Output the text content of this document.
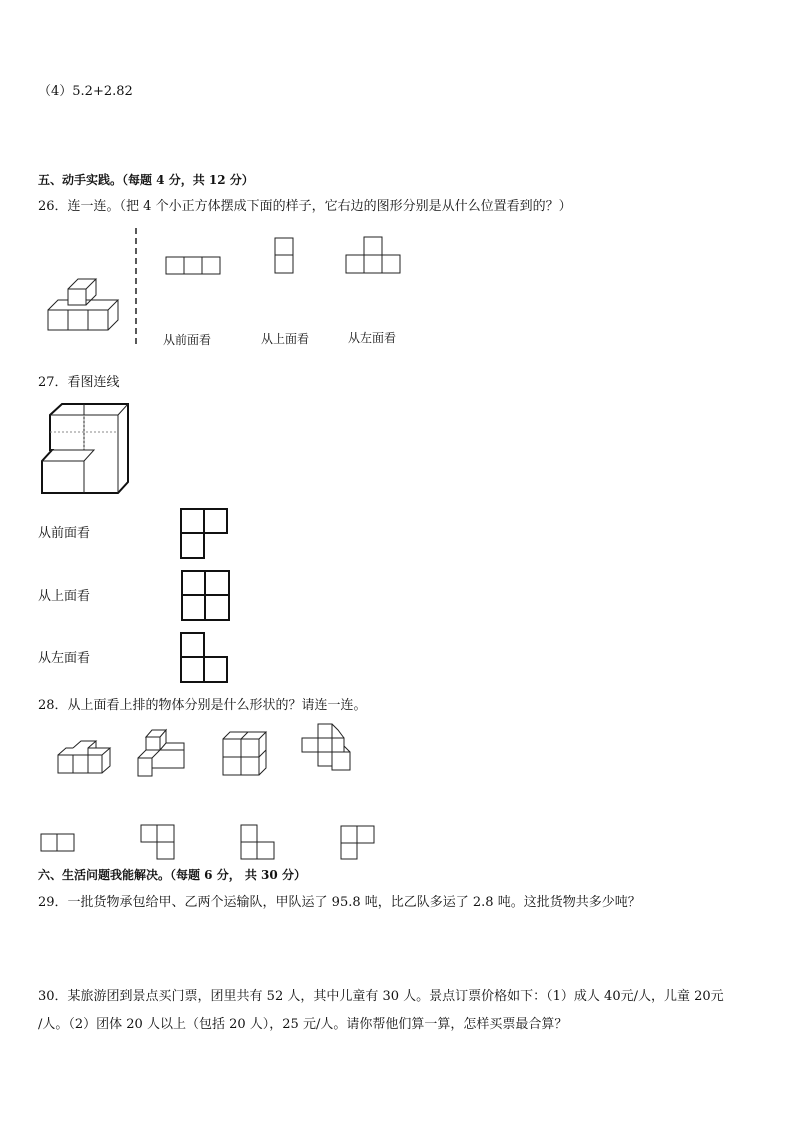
（4）5.2+2.82
五、动手实践。（每题 4 分，共 12 分）
26．连一连。（把 4 个小正方体摆成下面的样子，它右边的图形分别是从什么位置看到的？）
从前面看	从上面看	从左面看
27．看图连线
从前面看
从上面看
从左面看
28．从上面看上排的物体分别是什么形状的？请连一连。
六、生活问题我能解决。（每题 6 分， 共 30 分）
29．一批货物承包给甲、乙两个运输队，甲队运了 95.8 吨，比乙队多运了 2.8 吨。这批货物共多少吨？
30．某旅游团到景点买门票，团里共有 52 人，其中儿童有 30 人。景点订票价格如下：（1）成人 40元/人，儿童 20元
/人。（2）团体 20 人以上（包括 20 人），25 元/人。请你帮他们算一算，怎样买票最合算？
